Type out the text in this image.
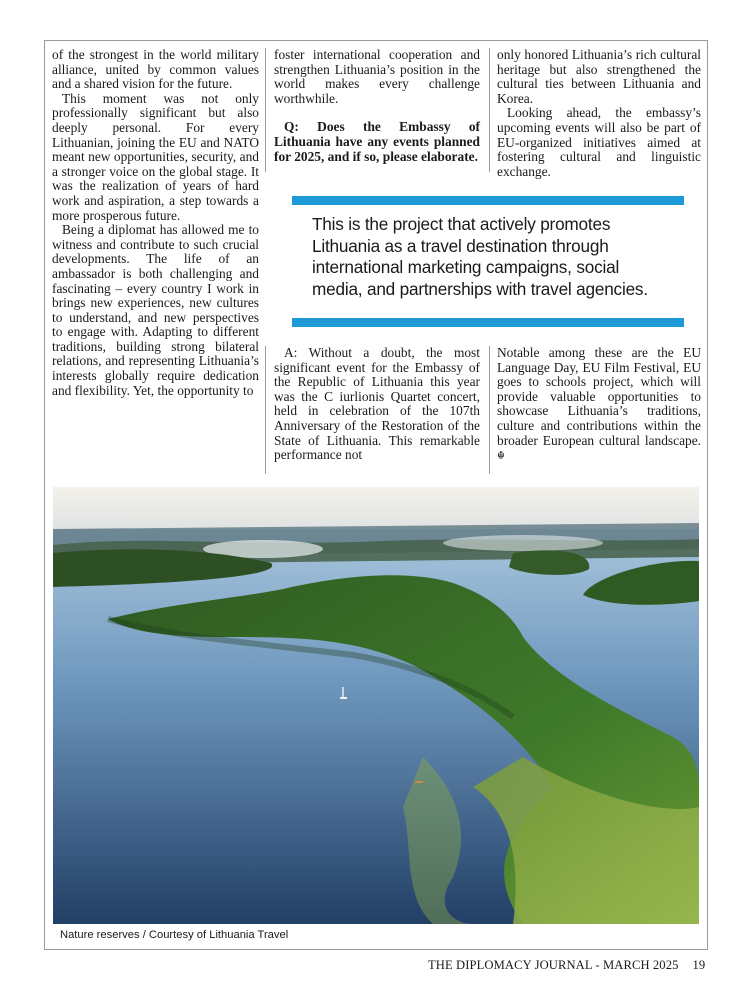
of the strongest in the world military alliance, united by common values and a shared vision for the future.

This moment was not only professionally significant but also deeply personal. For every Lithuanian, joining the EU and NATO meant new opportunities, security, and a stronger voice on the global stage. It was the realization of years of hard work and aspiration, a step towards a more prosperous future.

Being a diplomat has allowed me to witness and contribute to such crucial developments. The life of an ambassador is both challenging and fascinating – every country I work in brings new experiences, new cultures to understand, and new perspectives to engage with. Adapting to different traditions, building strong bilateral relations, and representing Lithuania’s interests globally require dedication and flexibility. Yet, the opportunity to

foster international cooperation and strengthen Lithuania’s position in the world makes every challenge worthwhile.

Q: Does the Embassy of Lithuania have any events planned for 2025, and if so, please elaborate.

only honored Lithuania’s rich cultural heritage but also strengthened the cultural ties between Lithuania and Korea.

Looking ahead, the embassy’s upcoming events will also be part of EU-organized initiatives aimed at fostering cultural and linguistic exchange.

This is the project that actively promotes Lithuania as a travel destination through international marketing campaigns, social media, and partnerships with travel agencies.

A: Without a doubt, the most significant event for the Embassy of the Republic of Lithuania this year was the C iurlionis Quartet concert, held in celebration of the 107th Anniversary of the Restoration of the State of Lithuania. This remarkable performance not

Notable among these are the EU Language Day, EU Film Festival, EU goes to schools project, which will provide valuable opportunities to showcase Lithuania’s traditions, culture and contributions within the broader European cultural landscape. ☬

Nature reserves / Courtesy of Lithuania Travel
THE DIPLOMACY JOURNAL - MARCH 2025 19
